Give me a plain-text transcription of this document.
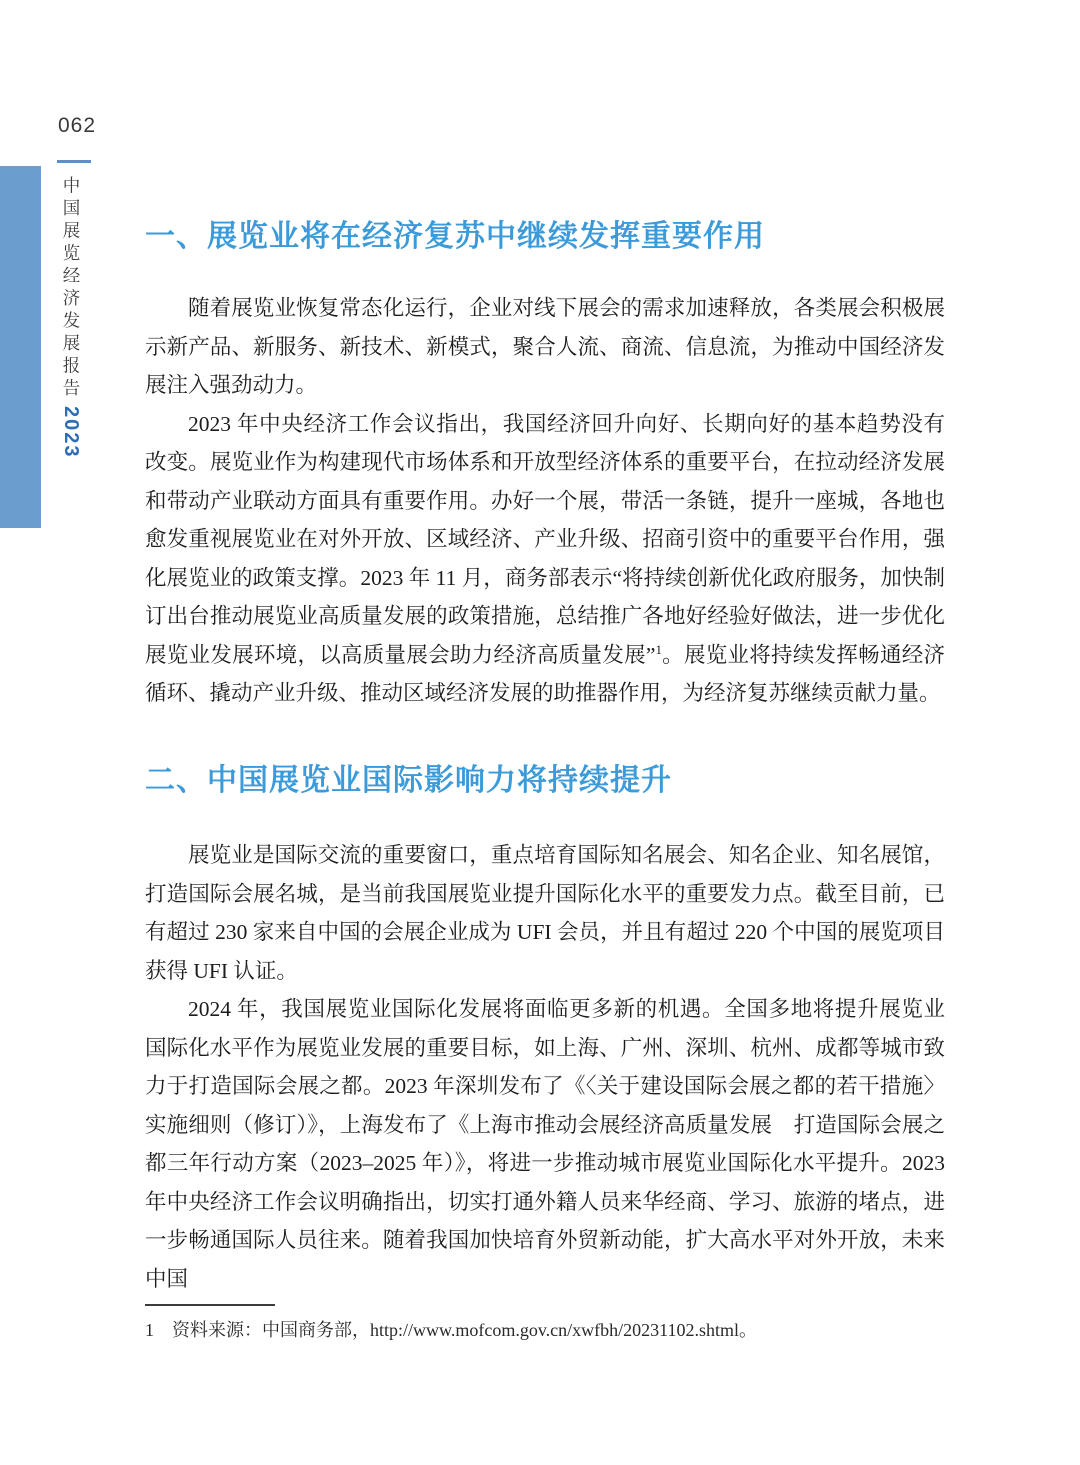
062
中国展览经济发展报告2023
一、展览业将在经济复苏中继续发挥重要作用

随着展览业恢复常态化运行，企业对线下展会的需求加速释放，各类展会积极展示新产品、新服务、新技术、新模式，聚合人流、商流、信息流，为推动中国经济发展注入强劲动力。

2023 年中央经济工作会议指出，我国经济回升向好、长期向好的基本趋势没有改变。展览业作为构建现代市场体系和开放型经济体系的重要平台，在拉动经济发展和带动产业联动方面具有重要作用。办好一个展，带活一条链，提升一座城，各地也愈发重视展览业在对外开放、区域经济、产业升级、招商引资中的重要平台作用，强化展览业的政策支撑。2023 年 11 月，商务部表示“将持续创新优化政府服务，加快制订出台推动展览业高质量发展的政策措施，总结推广各地好经验好做法，进一步优化展览业发展环境，以高质量展会助力经济高质量发展”$^1$。展览业将持续发挥畅通经济循环、撬动产业升级、推动区域经济发展的助推器作用，为经济复苏继续贡献力量。

二、中国展览业国际影响力将持续提升

展览业是国际交流的重要窗口，重点培育国际知名展会、知名企业、知名展馆，打造国际会展名城，是当前我国展览业提升国际化水平的重要发力点。截至目前，已有超过 230 家来自中国的会展企业成为 UFI 会员，并且有超过 220 个中国的展览项目获得 UFI 认证。

2024 年，我国展览业国际化发展将面临更多新的机遇。全国多地将提升展览业国际化水平作为展览业发展的重要目标，如上海、广州、深圳、杭州、成都等城市致力于打造国际会展之都。2023 年深圳发布了《〈关于建设国际会展之都的若干措施〉实施细则（修订）》，上海发布了《上海市推动会展经济高质量发展　打造国际会展之都三年行动方案（2023–2025 年）》，将进一步推动城市展览业国际化水平提升。2023 年中央经济工作会议明确指出，切实打通外籍人员来华经商、学习、旅游的堵点，进一步畅通国际人员往来。随着我国加快培育外贸新动能，扩大高水平对外开放，未来中国

1 资料来源：中国商务部，http://www.mofcom.gov.cn/xwfbh/20231102.shtml。
